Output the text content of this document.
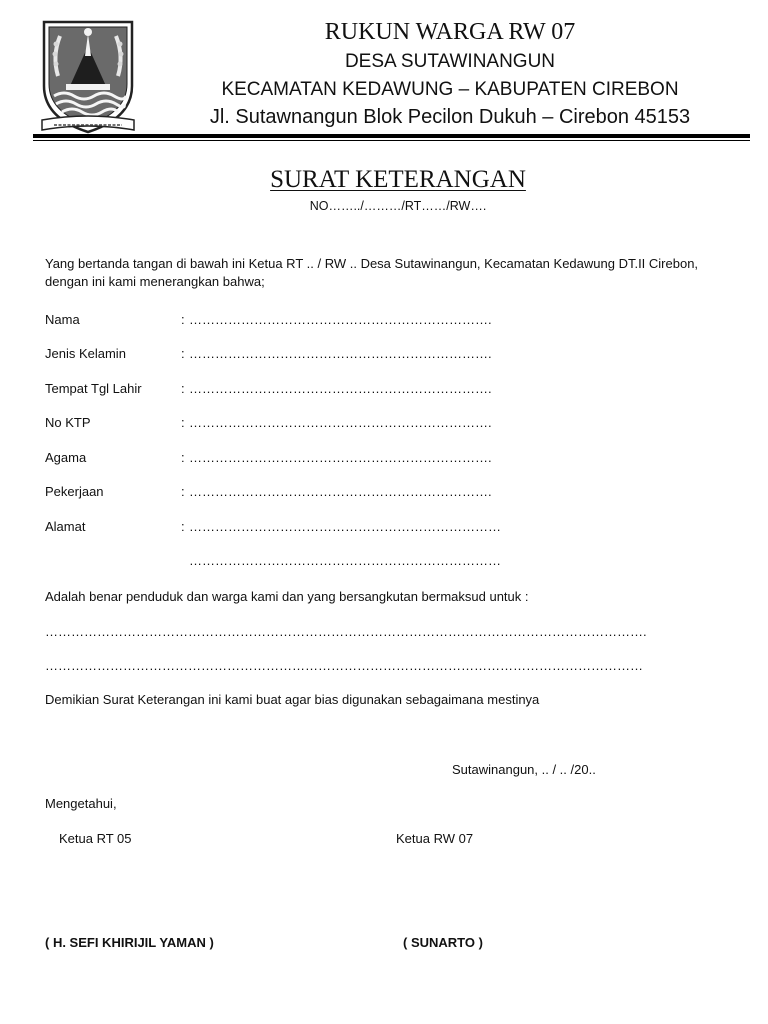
RUKUN WARGA RW 07
DESA SUTAWINANGUN
KECAMATAN KEDAWUNG – KABUPATEN CIREBON
Jl. Sutawnangun Blok Pecilon Dukuh – Cirebon 45153
SURAT KETERANGAN
NO……../………/RT……/RW….
Yang bertanda tangan di bawah ini Ketua RT .. / RW .. Desa Sutawinangun, Kecamatan Kedawung DT.II Cirebon,
dengan ini kami menerangkan bahwa;
Nama	: …………………………………………………………….
Jenis Kelamin	: …………………………………………………………….
Tempat Tgl Lahir	: …………………………………………………………….
No KTP	: …………………………………………………………….
Agama	: …………………………………………………………….
Pekerjaan	: …………………………………………………………….
Alamat	: ………………………………………………………………
………………………………………………………………
Adalah benar penduduk dan warga kami dan yang bersangkutan bermaksud untuk :
………………………………………………………………………………………………………………………….
…………………………………………………………………………………………………………………………
Demikian Surat Keterangan ini kami buat agar bias digunakan sebagaimana mestinya
Sutawinangun, .. / .. /20..
Mengetahui,
Ketua RT 05	Ketua RW 07
( H. SEFI KHIRIJIL YAMAN )	( SUNARTO )
